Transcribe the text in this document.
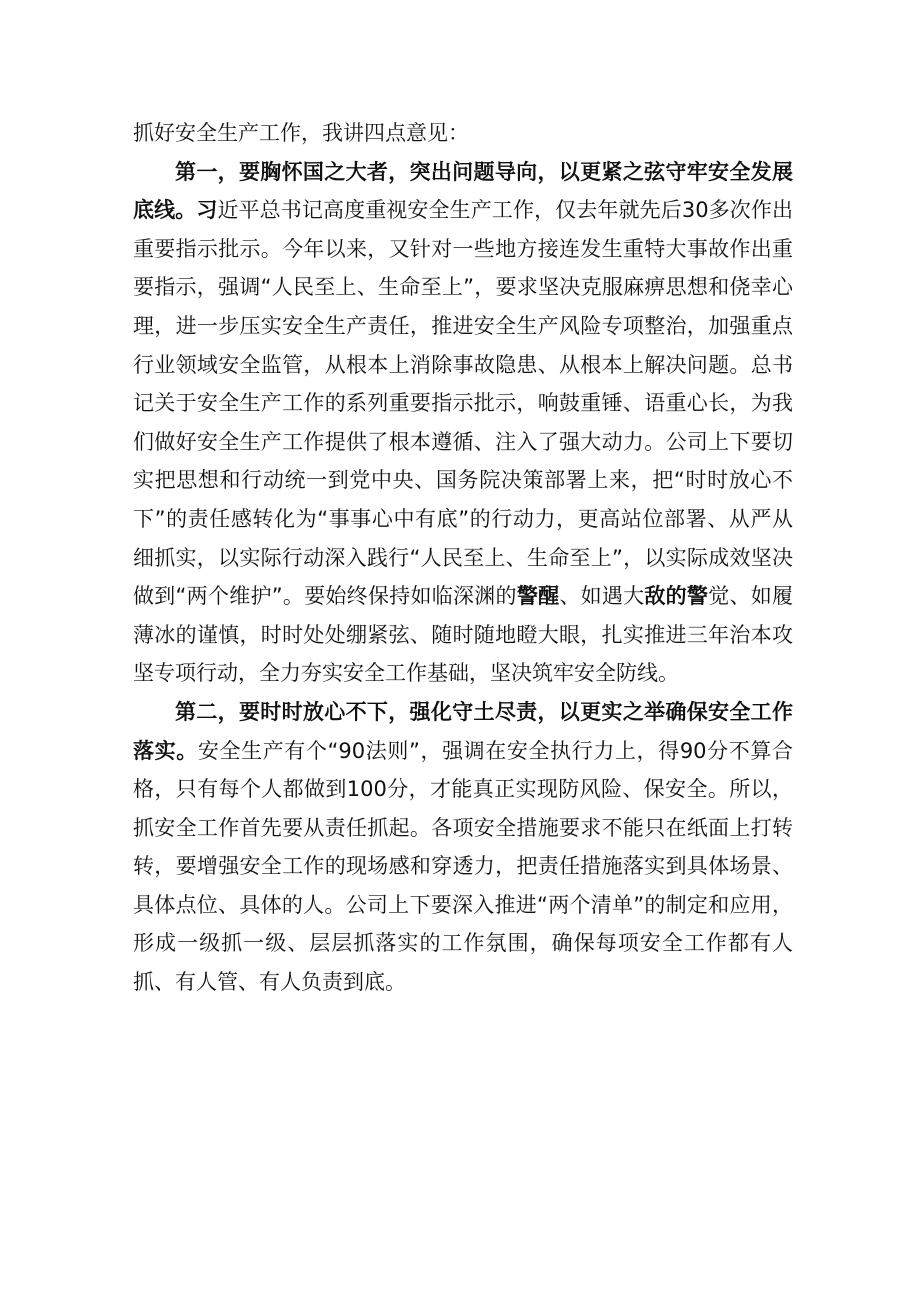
抓好安全生产工作，我讲四点意见：

第一，要胸怀国之大者，突出问题导向，以更紧之弦守牢安全发展底线。习近平总书记高度重视安全生产工作，仅去年就先后30多次作出重要指示批示。今年以来，又针对一些地方接连发生重特大事故作出重要指示，强调“人民至上、生命至上”，要求坚决克服麻痹思想和侥幸心理，进一步压实安全生产责任，推进安全生产风险专项整治，加强重点行业领域安全监管，从根本上消除事故隐患、从根本上解决问题。总书记关于安全生产工作的系列重要指示批示，响鼓重锤、语重心长，为我们做好安全生产工作提供了根本遵循、注入了强大动力。公司上下要切实把思想和行动统一到党中央、国务院决策部署上来，把“时时放心不下”的责任感转化为“事事心中有底”的行动力，更高站位部署、从严从细抓实，以实际行动深入践行“人民至上、生命至上”，以实际成效坚决做到“两个维护”。要始终保持如临深渊的警醒、如遇大敌的警觉、如履薄冰的谨慎，时时处处绷紧弦、随时随地瞪大眼，扎实推进三年治本攻坚专项行动，全力夯实安全工作基础，坚决筑牢安全防线。

第二，要时时放心不下，强化守土尽责，以更实之举确保安全工作落实。安全生产有个“90法则”，强调在安全执行力上，得90分不算合格，只有每个人都做到100分，才能真正实现防风险、保安全。所以，抓安全工作首先要从责任抓起。各项安全措施要求不能只在纸面上打转转，要增强安全工作的现场感和穿透力，把责任措施落实到具体场景、具体点位、具体的人。公司上下要深入推进“两个清单”的制定和应用，形成一级抓一级、层层抓落实的工作氛围，确保每项安全工作都有人抓、有人管、有人负责到底。
